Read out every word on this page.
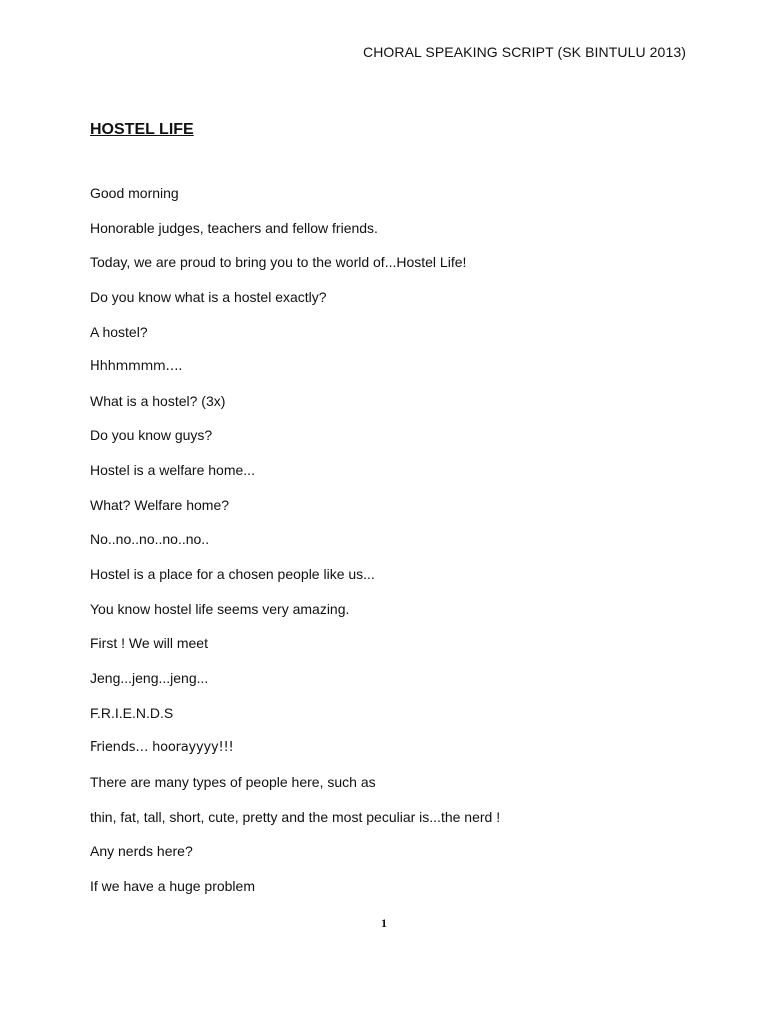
CHORAL SPEAKING SCRIPT (SK BINTULU 2013)
HOSTEL LIFE
Good morning
Honorable judges, teachers and fellow friends.
Today, we are proud to bring you to the world of...Hostel Life!
Do you know what is a hostel exactly?
A hostel?
Hhhmmmm….
What is a hostel? (3x)
Do you know guys?
Hostel is a welfare home...
What? Welfare home?
No..no..no..no..no..
Hostel is a place for a chosen people like us...
You know hostel life seems very amazing.
First ! We will meet
Jeng...jeng...jeng...
F.R.I.E.N.D.S
Friends… hoorayyyy!!!
There are many types of people here, such as
thin, fat, tall, short, cute, pretty and the most peculiar is...the nerd !
Any nerds here?
If we have a huge problem
1
